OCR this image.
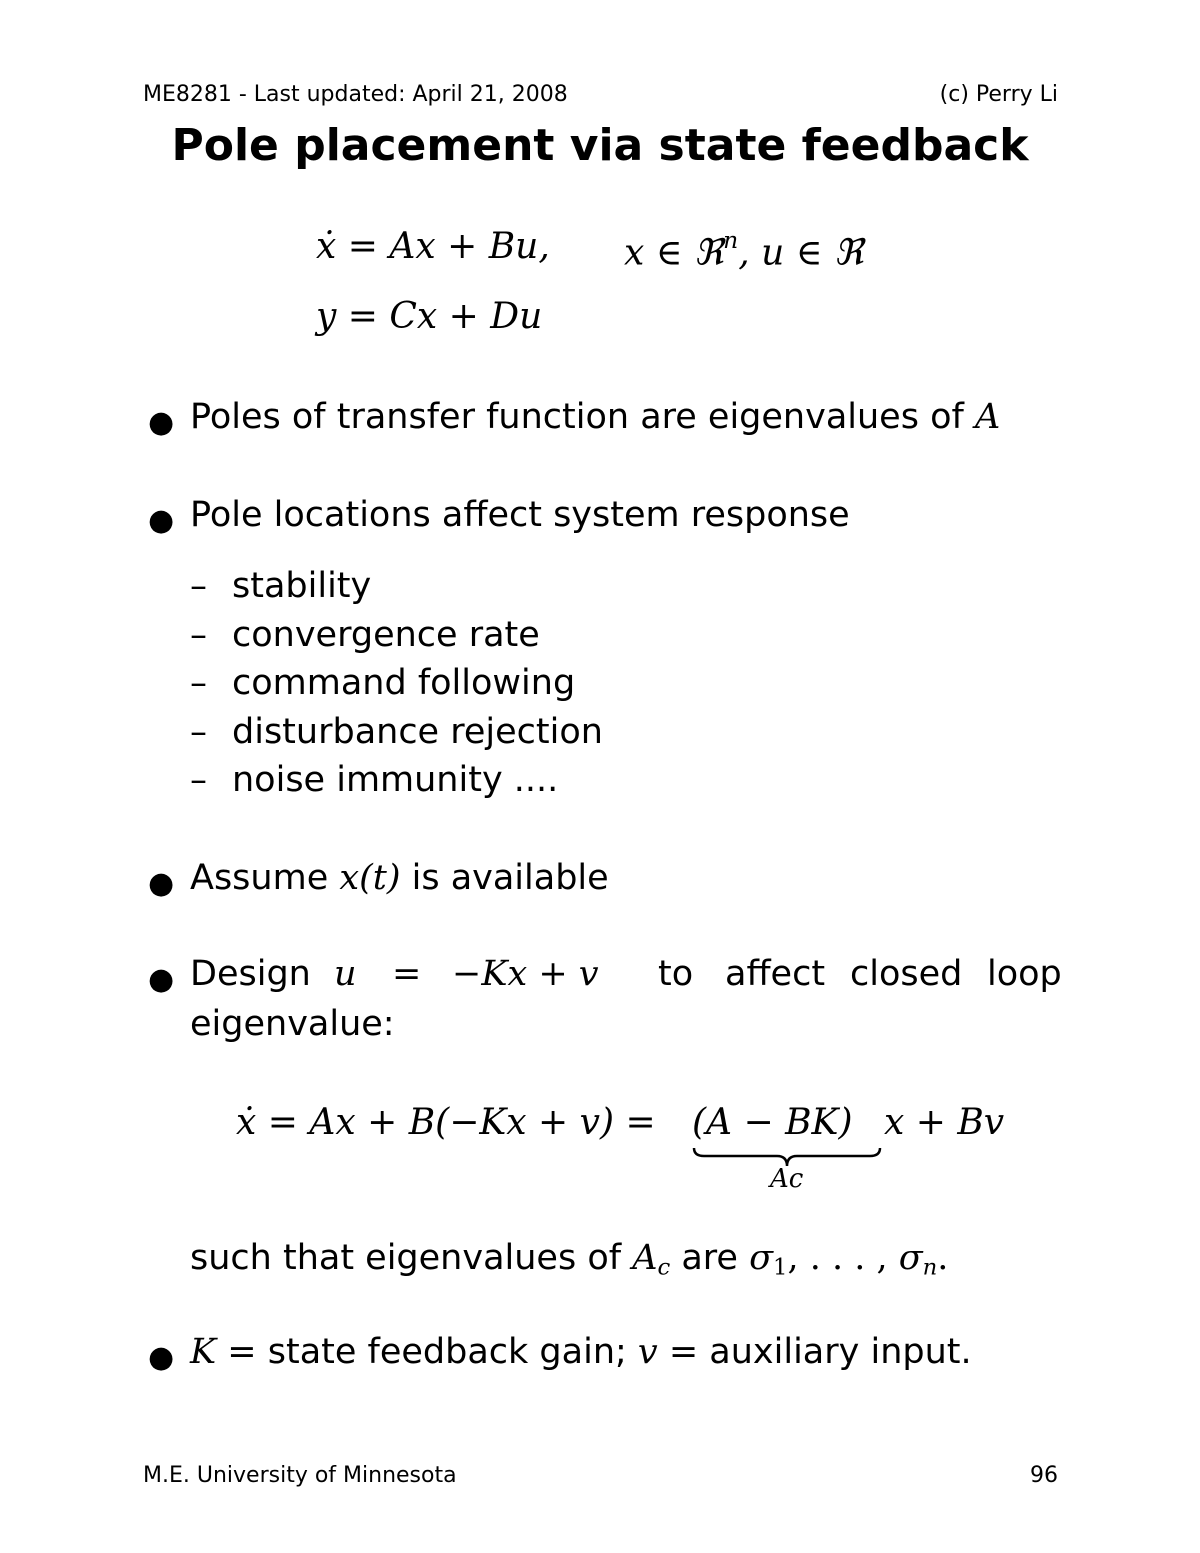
ME8281 - Last updated: April 21, 2008	(c) Perry Li
Pole placement via state feedback
ẋ = Ax + Bu, x ∈ ℜ$^n$, u ∈ ℜ
y = Cx + Du
● Poles of transfer function are eigenvalues of A
● Pole locations affect system response
– stability
– convergence rate
– command following
– disturbance rejection
– noise immunity ....
● Assume x(t) is available
● Design u = −Kx + v to affect closed loop
eigenvalue:
ẋ = Ax + B(−Kx + v) = (A − BK) x + Bv
Ac
such that eigenvalues of $A_c$ are $\sigma_1$, . . . , $\sigma_n$.
● K = state feedback gain; v = auxiliary input.
M.E. University of Minnesota	96
